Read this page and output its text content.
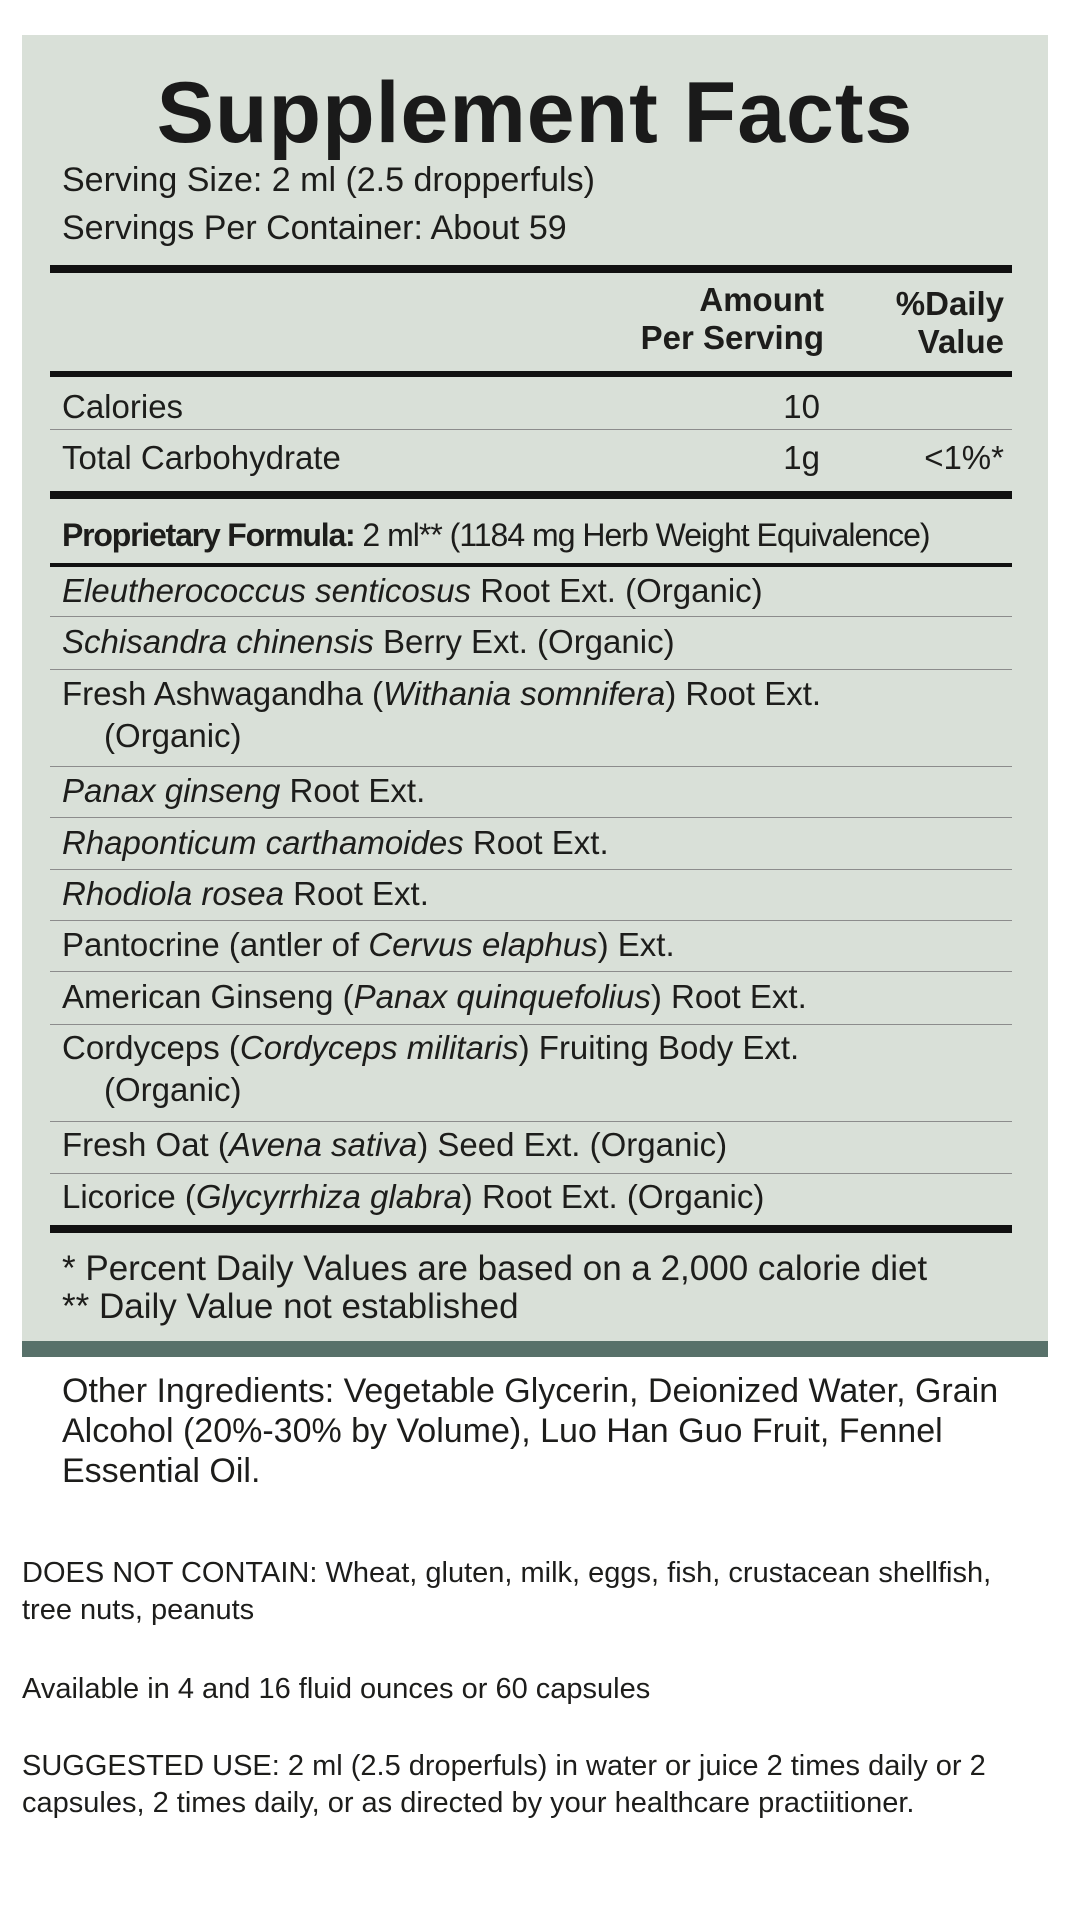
Supplement Facts
Serving Size: 2 ml (2.5 dropperfuls)
Servings Per Container: About 59
Amount
Per Serving
%Daily
Value
Calories	10
Total Carbohydrate	1g	<1%*
Proprietary Formula: 2 ml** (1184 mg Herb Weight Equivalence)
Eleutherococcus senticosus Root Ext. (Organic)
Schisandra chinensis Berry Ext. (Organic)
Fresh Ashwagandha (Withania somnifera) Root Ext.
(Organic)
Panax ginseng Root Ext.
Rhaponticum carthamoides Root Ext.
Rhodiola rosea Root Ext.
Pantocrine (antler of Cervus elaphus) Ext.
American Ginseng (Panax quinquefolius) Root Ext.
Cordyceps (Cordyceps militaris) Fruiting Body Ext.
(Organic)
Fresh Oat (Avena sativa) Seed Ext. (Organic)
Licorice (Glycyrrhiza glabra) Root Ext. (Organic)
* Percent Daily Values are based on a 2,000 calorie diet
** Daily Value not established
Other Ingredients: Vegetable Glycerin, Deionized Water, Grain Alcohol (20%-30% by Volume), Luo Han Guo Fruit, Fennel Essential Oil.
DOES NOT CONTAIN: Wheat, gluten, milk, eggs, fish, crustacean shellfish, tree nuts, peanuts
Available in 4 and 16 fluid ounces or 60 capsules
SUGGESTED USE: 2 ml (2.5 droperfuls) in water or juice 2 times daily or 2 capsules, 2 times daily, or as directed by your healthcare practiitioner.
